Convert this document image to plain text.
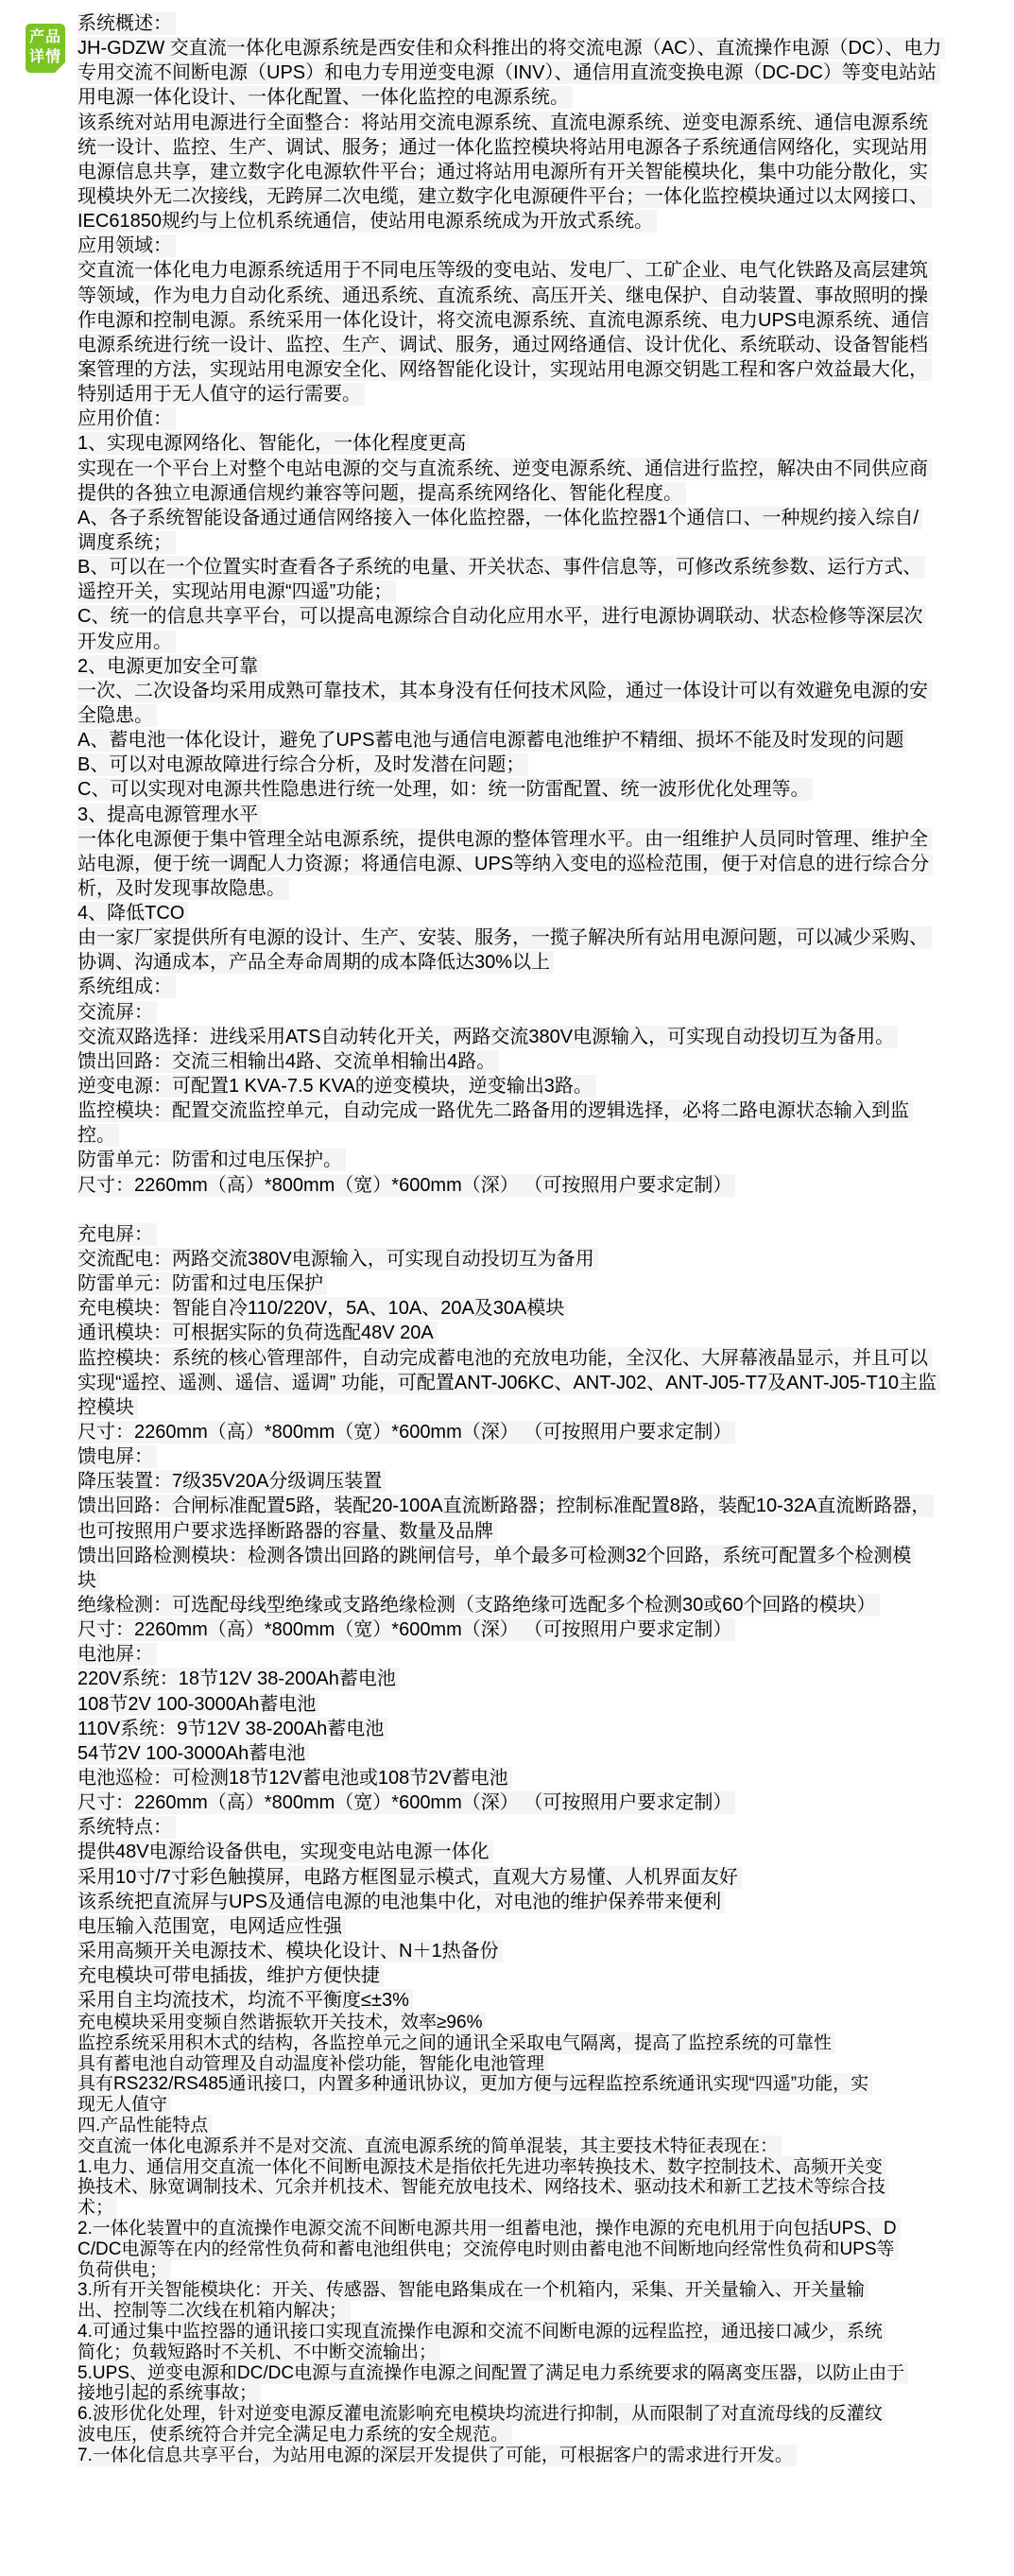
产品
详情
系统概述：
JH-GDZW 交直流一体化电源系统是西安佳和众科推出的将交流电源（AC）、直流操作电源（DC）、电力
专用交流不间断电源（UPS）和电力专用逆变电源（INV）、通信用直流变换电源（DC-DC）等变电站站
用电源一体化设计、一体化配置、一体化监控的电源系统。
该系统对站用电源进行全面整合：将站用交流电源系统、直流电源系统、逆变电源系统、通信电源系统
统一设计、监控、生产、调试、服务；通过一体化监控模块将站用电源各子系统通信网络化，实现站用
电源信息共享，建立数字化电源软件平台；通过将站用电源所有开关智能模块化，集中功能分散化，实
现模块外无二次接线，无跨屏二次电缆，建立数字化电源硬件平台；一体化监控模块通过以太网接口、
IEC61850规约与上位机系统通信，使站用电源系统成为开放式系统。
应用领域：
交直流一体化电力电源系统适用于不同电压等级的变电站、发电厂、工矿企业、电气化铁路及高层建筑
等领域，作为电力自动化系统、通迅系统、直流系统、高压开关、继电保护、自动装置、事故照明的操
作电源和控制电源。系统采用一体化设计，将交流电源系统、直流电源系统、电力UPS电源系统、通信
电源系统进行统一设计、监控、生产、调试、服务，通过网络通信、设计优化、系统联动、设备智能档
案管理的方法，实现站用电源安全化、网络智能化设计，实现站用电源交钥匙工程和客户效益最大化，
特别适用于无人值守的运行需要。
应用价值：
1、实现电源网络化、智能化，一体化程度更高
实现在一个平台上对整个电站电源的交与直流系统、逆变电源系统、通信进行监控，解决由不同供应商
提供的各独立电源通信规约兼容等问题，提高系统网络化、智能化程度。
A、各子系统智能设备通过通信网络接入一体化监控器，一体化监控器1个通信口、一种规约接入综自/
调度系统；
B、可以在一个位置实时查看各子系统的电量、开关状态、事件信息等，可修改系统参数、运行方式、
遥控开关，实现站用电源“四遥”功能；
C、统一的信息共享平台，可以提高电源综合自动化应用水平，进行电源协调联动、状态检修等深层次
开发应用。
2、电源更加安全可靠
一次、二次设备均采用成熟可靠技术，其本身没有任何技术风险，通过一体设计可以有效避免电源的安
全隐患。
A、蓄电池一体化设计，避免了UPS蓄电池与通信电源蓄电池维护不精细、损坏不能及时发现的问题
B、可以对电源故障进行综合分析，及时发潜在问题；
C、可以实现对电源共性隐患进行统一处理，如：统一防雷配置、统一波形优化处理等。
3、提高电源管理水平
一体化电源便于集中管理全站电源系统，提供电源的整体管理水平。由一组维护人员同时管理、维护全
站电源，便于统一调配人力资源；将通信电源、UPS等纳入变电的巡检范围，便于对信息的进行综合分
析，及时发现事故隐患。
4、降低TCO
由一家厂家提供所有电源的设计、生产、安装、服务，一揽子解决所有站用电源问题，可以减少采购、
协调、沟通成本，产品全寿命周期的成本降低达30%以上
系统组成：
交流屏：
交流双路选择：进线采用ATS自动转化开关，两路交流380V电源输入，可实现自动投切互为备用。
馈出回路：交流三相输出4路、交流单相输出4路。
逆变电源：可配置1 KVA-7.5 KVA的逆变模块，逆变输出3路。
监控模块：配置交流监控单元，自动完成一路优先二路备用的逻辑选择，必将二路电源状态输入到监
控。
防雷单元：防雷和过电压保护。
尺寸：2260mm（高）*800mm（宽）*600mm（深） （可按照用户要求定制）

充电屏：
交流配电：两路交流380V电源输入，可实现自动投切互为备用
防雷单元：防雷和过电压保护
充电模块：智能自冷110/220V，5A、10A、20A及30A模块
通讯模块：可根据实际的负荷选配48V 20A
监控模块：系统的核心管理部件，自动完成蓄电池的充放电功能，全汉化、大屏幕液晶显示，并且可以
实现“遥控、遥测、遥信、遥调” 功能，可配置ANT-J06KC、ANT-J02、ANT-J05-T7及ANT-J05-T10主监
控模块
尺寸：2260mm（高）*800mm（宽）*600mm（深） （可按照用户要求定制）
馈电屏：
降压装置：7级35V20A分级调压装置
馈出回路：合闸标准配置5路，装配20-100A直流断路器；控制标准配置8路，装配10-32A直流断路器，
也可按照用户要求选择断路器的容量、数量及品牌
馈出回路检测模块：检测各馈出回路的跳闸信号，单个最多可检测32个回路，系统可配置多个检测模
块
绝缘检测：可选配母线型绝缘或支路绝缘检测（支路绝缘可选配多个检测30或60个回路的模块）
尺寸：2260mm（高）*800mm（宽）*600mm（深） （可按照用户要求定制）
电池屏：
220V系统：18节12V 38-200Ah蓄电池
108节2V 100-3000Ah蓄电池
110V系统：9节12V 38-200Ah蓄电池
54节2V 100-3000Ah蓄电池
电池巡检：可检测18节12V蓄电池或108节2V蓄电池
尺寸：2260mm（高）*800mm（宽）*600mm（深） （可按照用户要求定制）
系统特点：
提供48V电源给设备供电，实现变电站电源一体化
采用10寸/7寸彩色触摸屏，电路方框图显示模式，直观大方易懂、人机界面友好
该系统把直流屏与UPS及通信电源的电池集中化，对电池的维护保养带来便利
电压输入范围宽，电网适应性强
采用高频开关电源技术、模块化设计、N＋1热备份
充电模块可带电插拔，维护方便快捷
采用自主均流技术，均流不平衡度≤±3%
充电模块采用变频自然谐振软开关技术，效率≥96%
监控系统采用积木式的结构，各监控单元之间的通讯全采取电气隔离，提高了监控系统的可靠性
具有蓄电池自动管理及自动温度补偿功能，智能化电池管理
具有RS232/RS485通讯接口，内置多种通讯协议，更加方便与远程监控系统通讯实现“四遥”功能，实
现无人值守
四.产品性能特点
交直流一体化电源系并不是对交流、直流电源系统的简单混装，其主要技术特征表现在：
1.电力、通信用交直流一体化不间断电源技术是指依托先进功率转换技术、数字控制技术、高频开关变
换技术、脉宽调制技术、冗余并机技术、智能充放电技术、网络技术、驱动技术和新工艺技术等综合技
术；
2.一体化装置中的直流操作电源交流不间断电源共用一组蓄电池，操作电源的充电机用于向包括UPS、D
C/DC电源等在内的经常性负荷和蓄电池组供电；交流停电时则由蓄电池不间断地向经常性负荷和UPS等
负荷供电；
3.所有开关智能模块化：开关、传感器、智能电路集成在一个机箱内，采集、开关量输入、开关量输
出、控制等二次线在机箱内解决；
4.可通过集中监控器的通讯接口实现直流操作电源和交流不间断电源的远程监控，通迅接口减少，系统
简化；负载短路时不关机、不中断交流输出；
5.UPS、逆变电源和DC/DC电源与直流操作电源之间配置了满足电力系统要求的隔离变压器，以防止由于
接地引起的系统事故；
6.波形优化处理，针对逆变电源反灌电流影响充电模块均流进行抑制，从而限制了对直流母线的反灌纹
波电压，使系统符合并完全满足电力系统的安全规范。
7.一体化信息共享平台，为站用电源的深层开发提供了可能，可根据客户的需求进行开发。
